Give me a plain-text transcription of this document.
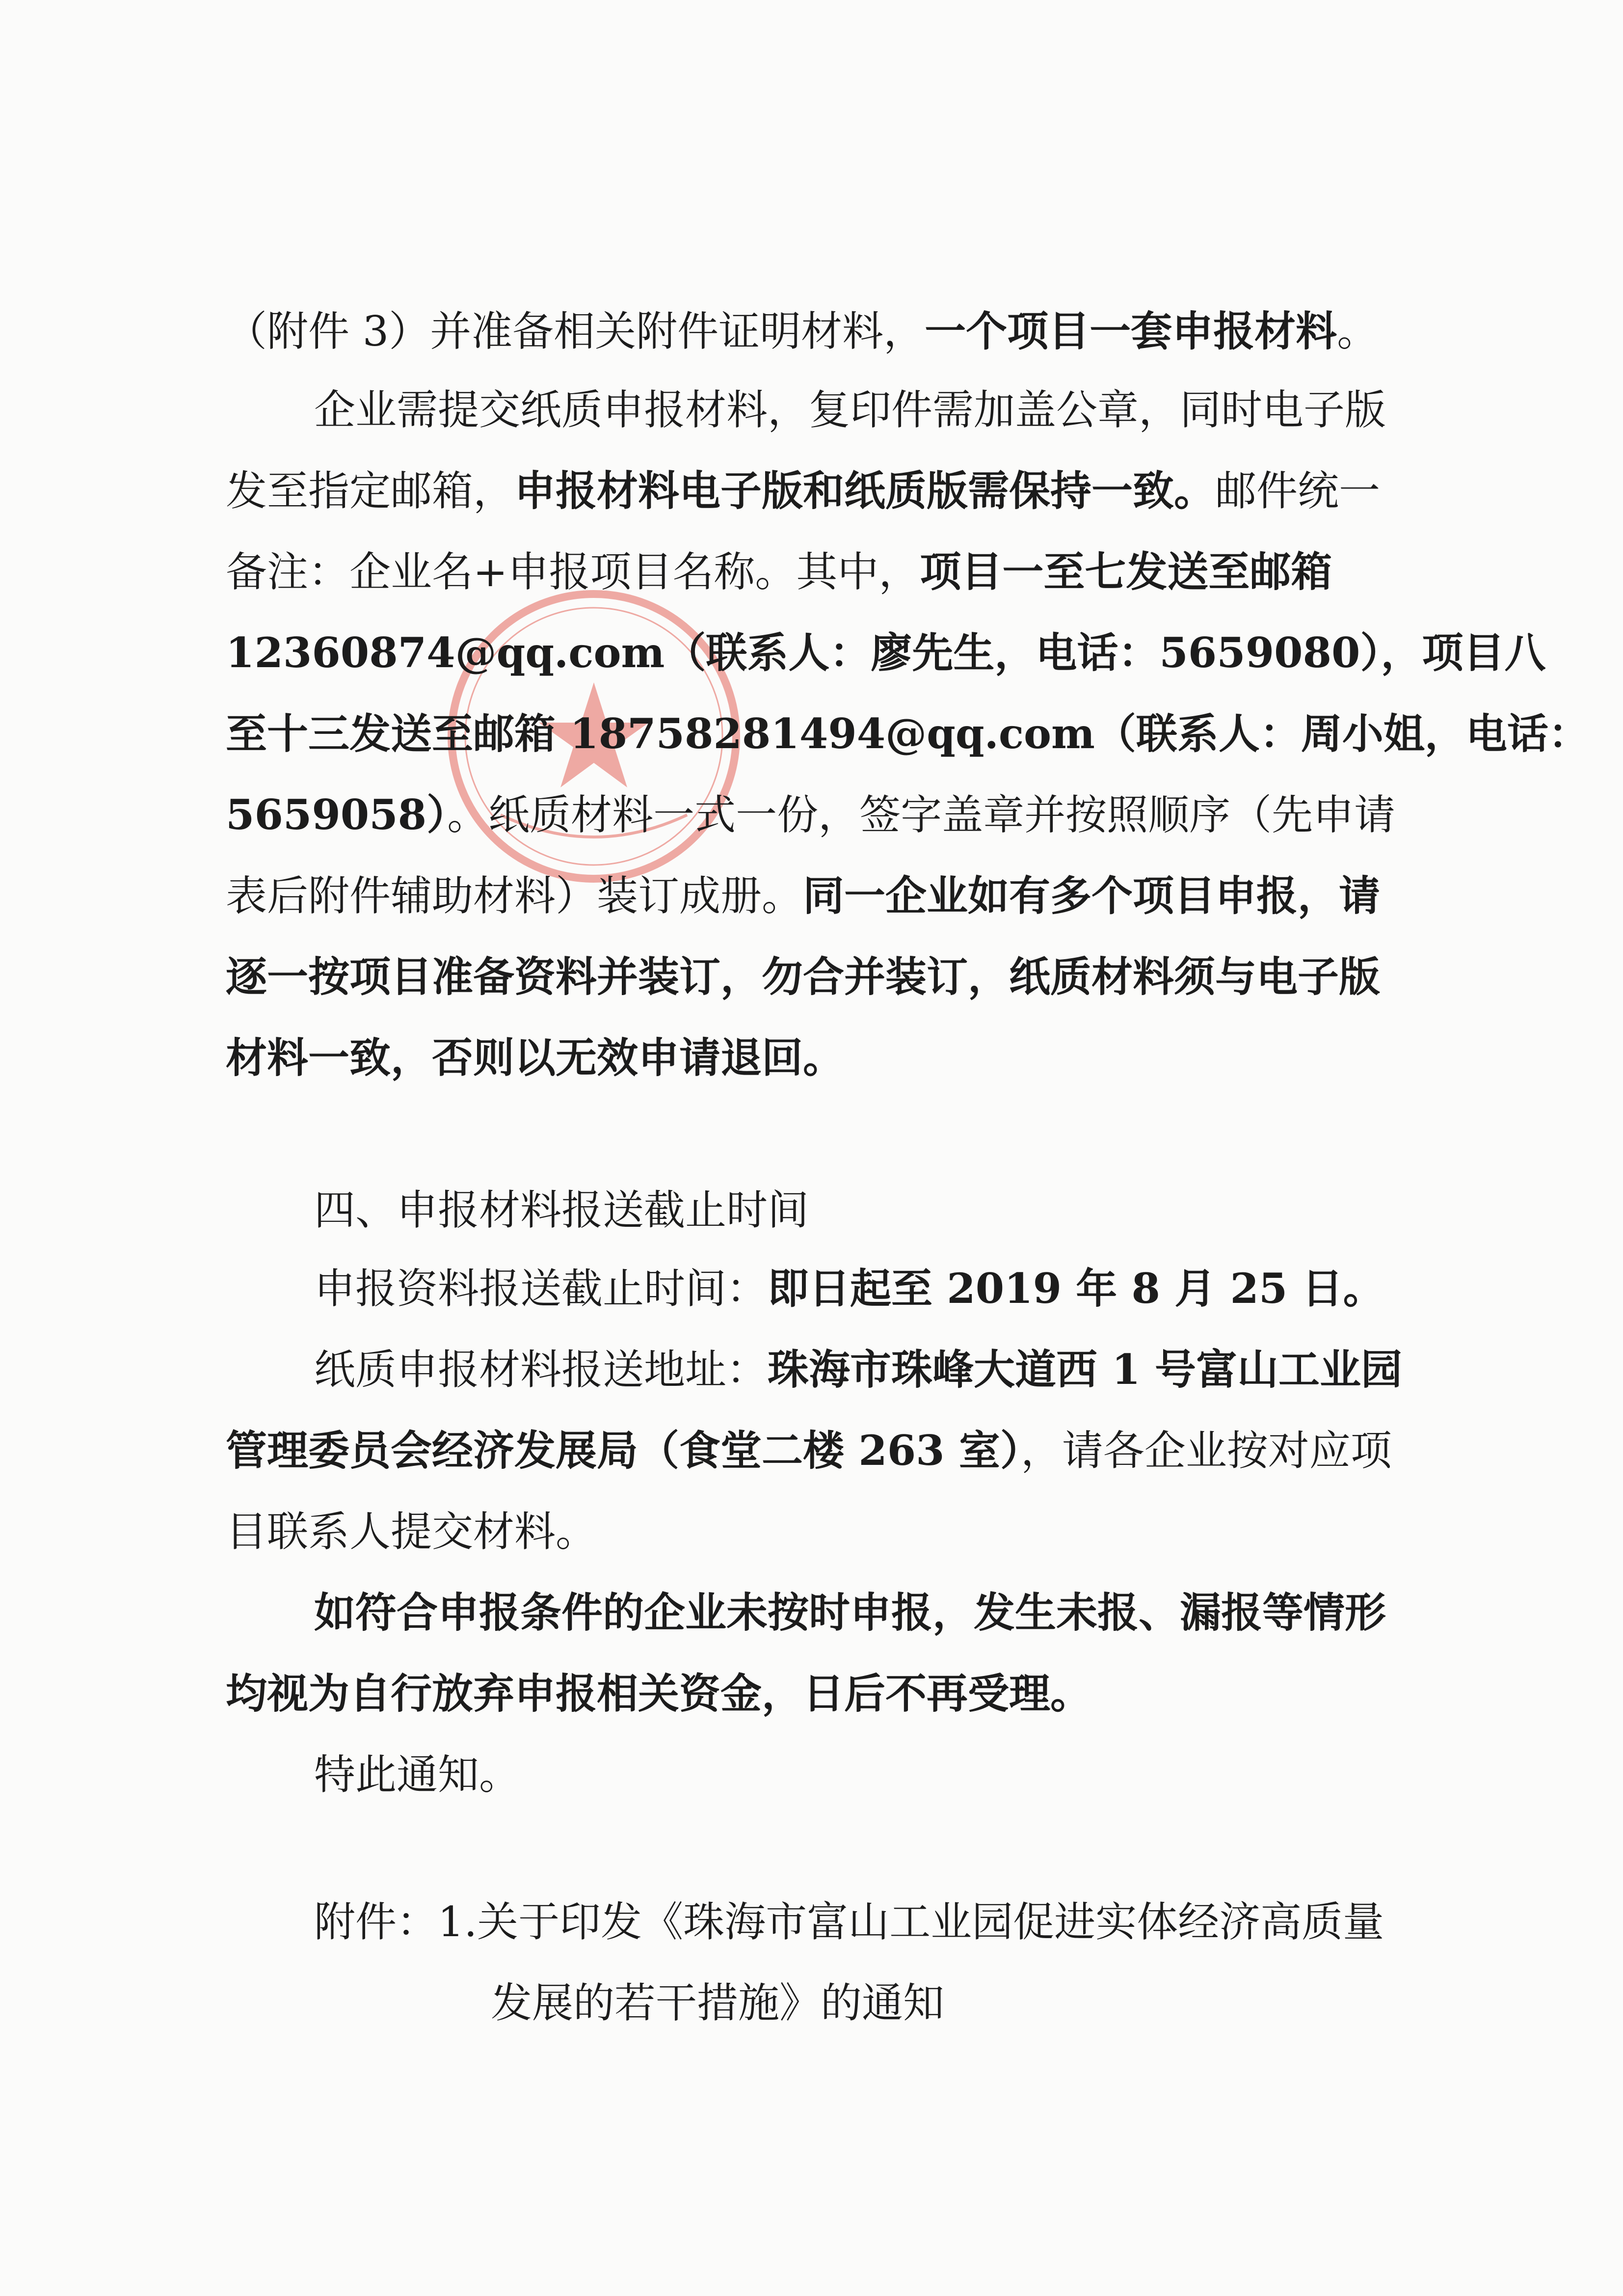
（附件 3）并准备相关附件证明材料，一个项目一套申报材料。
企业需提交纸质申报材料，复印件需加盖公章，同时电子版
发至指定邮箱，申报材料电子版和纸质版需保持一致。邮件统一
备注：企业名+申报项目名称。其中，项目一至七发送至邮箱
12360874@qq.com（联系人：廖先生，电话：5659080），项目八
至十三发送至邮箱 18758281494@qq.com（联系人：周小姐，电话：
5659058）。纸质材料一式一份，签字盖章并按照顺序（先申请
表后附件辅助材料）装订成册。同一企业如有多个项目申报，请
逐一按项目准备资料并装订，勿合并装订，纸质材料须与电子版
材料一致，否则以无效申请退回。
四、申报材料报送截止时间
申报资料报送截止时间：即日起至 2019 年 8 月 25 日。
纸质申报材料报送地址：珠海市珠峰大道西 1 号富山工业园
管理委员会经济发展局（食堂二楼 263 室），请各企业按对应项
目联系人提交材料。
如符合申报条件的企业未按时申报，发生未报、漏报等情形
均视为自行放弃申报相关资金，日后不再受理。
特此通知。
附件：1.关于印发《珠海市富山工业园促进实体经济高质量
发展的若干措施》的通知
